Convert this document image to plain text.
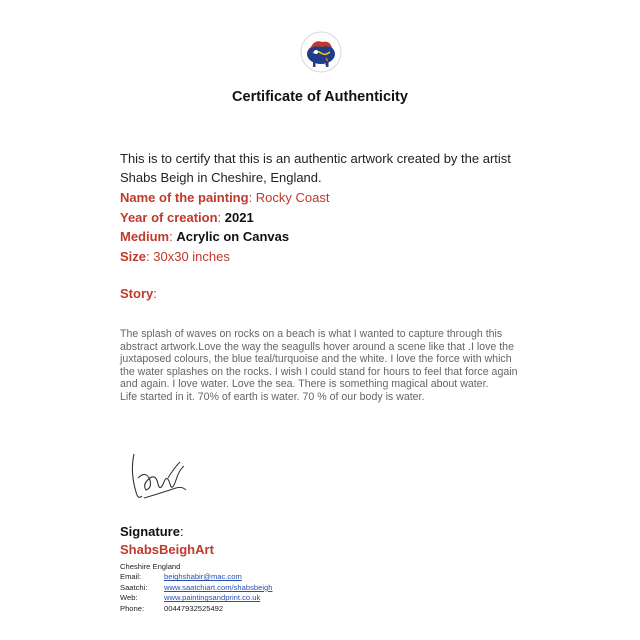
Certificate of Authenticity
This is to certify that this is an authentic artwork created by the artist Shabs Beigh in Cheshire, England.
Name of the painting: Rocky Coast
Year of creation: 2021
Medium: Acrylic on Canvas
Size: 30x30 inches
Story:

The splash of waves on rocks on a beach is what I wanted to capture through this abstract artwork.Love the way the seagulls hover around a scene like that .I love the juxtaposed colours, the blue teal/turquoise and the white. I love the force with which the water splashes on the rocks. I wish I could stand for hours to feel that force again and again. I love water. Love the sea. There is something magical about water.

Life started in it. 70% of earth is water. 70 % of our body is water.

Signature:
ShabsBeighArt
Cheshire England
Email:	beighshabir@mac.com
Saatchi:	www.saatchiart.com/shabsbeigh
Web:	www.paintingsandprint.co.uk
Phone:	00447932525492
